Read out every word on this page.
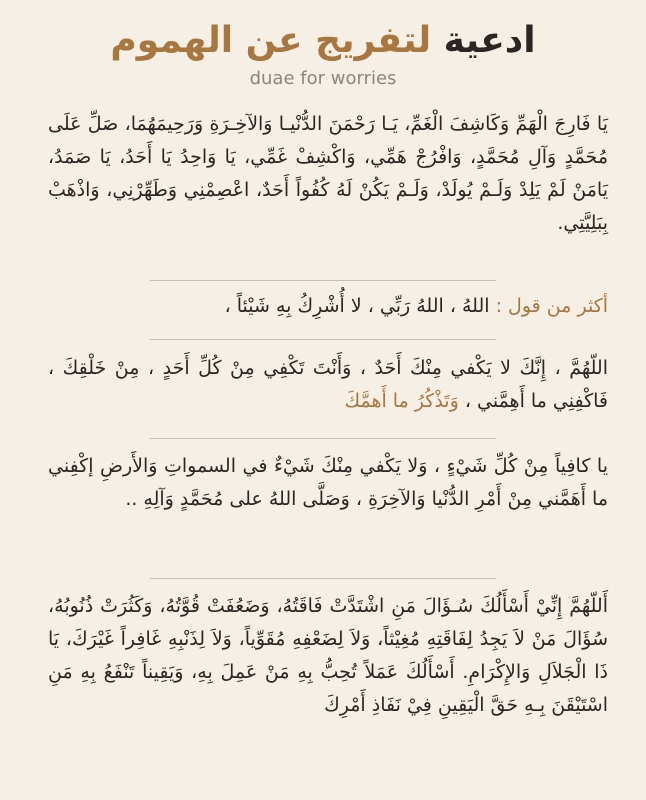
ادعية لتفريج عن الهموم
duae for worries
يَا فَارِجَ الْهَمِّ وَكَاشِفَ الْغَمِّ، يَـا رَحْمَنَ الدُّنْيـا وَالآخِـرَةِ وَرَحِيمَهُمَا، صَلِّ عَلَى مُحَمَّدٍ وَآلِ مُحَمَّدٍ، وَافْرُجْ هَمِّي، وَاكْشِفْ غَمِّي، يَا وَاحِدُ يَا أَحَدُ، يَا صَمَدُ، يَامَنْ لَمْ يَلِدْ وَلَـمْ يُولَدْ، وَلَـمْ يَكُنْ لَهُ كُفُواً أَحَدٌ، اعْصِمْنِي وَطَهِّرْنِي، وَاذْهَبْ بِبَلِيَّتِي.
أكثر من قول : اللهُ ، اللهُ رَبِّي ، لا أُشْرِكُ بِهِ شَيْئاً ،
اللّهُمَّ ، إِنَّكَ لا يَكْفي مِنْكَ أَحَدٌ ، وَأَنْتَ تَكْفِي مِنْ كُلِّ أَحَدٍ ، مِنْ خَلْقِكَ ، فَاكْفِنِي ما أَهِمَّني ، وَتَذْكُرُ ما أَهمَّكَ
يا كافِياً مِنْ كُلِّ شَيْءٍ ، وَلا يَكْفي مِنْكَ شَيْءٌ في السمواتِ وَالأَرضِ إكْفِني ما أَهَمَّني مِنْ أَمْرِ الدُّنْيا وَالآخِرَةِ ، وَصَلَّى اللهُ على مُحَمَّدٍ وَآلِهِ ..
أَللّهُمَّ إِنِّيْ أَسْأَلُكَ سُـؤَالَ مَنِ اشْتَدَّتْ فَاقَتُهُ، وَضَعُفَتْ قُوَّتُهُ، وَكَثُرَتْ ذُنُوبُهُ، سُؤَالَ مَنْ لاَ يَجِدُ لِفَاقَتِهِ مُغِيْثاً، وَلاَ لِضَعْفِهِ مُقَوِّياً، وَلاَ لِذَنْبِهِ غَافِراً غَيْرَكَ، يَا ذَا الْجَلاَلِ وَالإِكْرَامِ. أَسْأَلُكَ عَمَلاً تُحِبُّ بِهِ مَنْ عَمِلَ بِهِ، وَيَقِيناً تَنْفَعُ بِهِ مَنِ اسْتَيْقَنَ بِـهِ حَقَّ الْيَقِينِ فِيْ نَفَاذِ أَمْرِكَ
